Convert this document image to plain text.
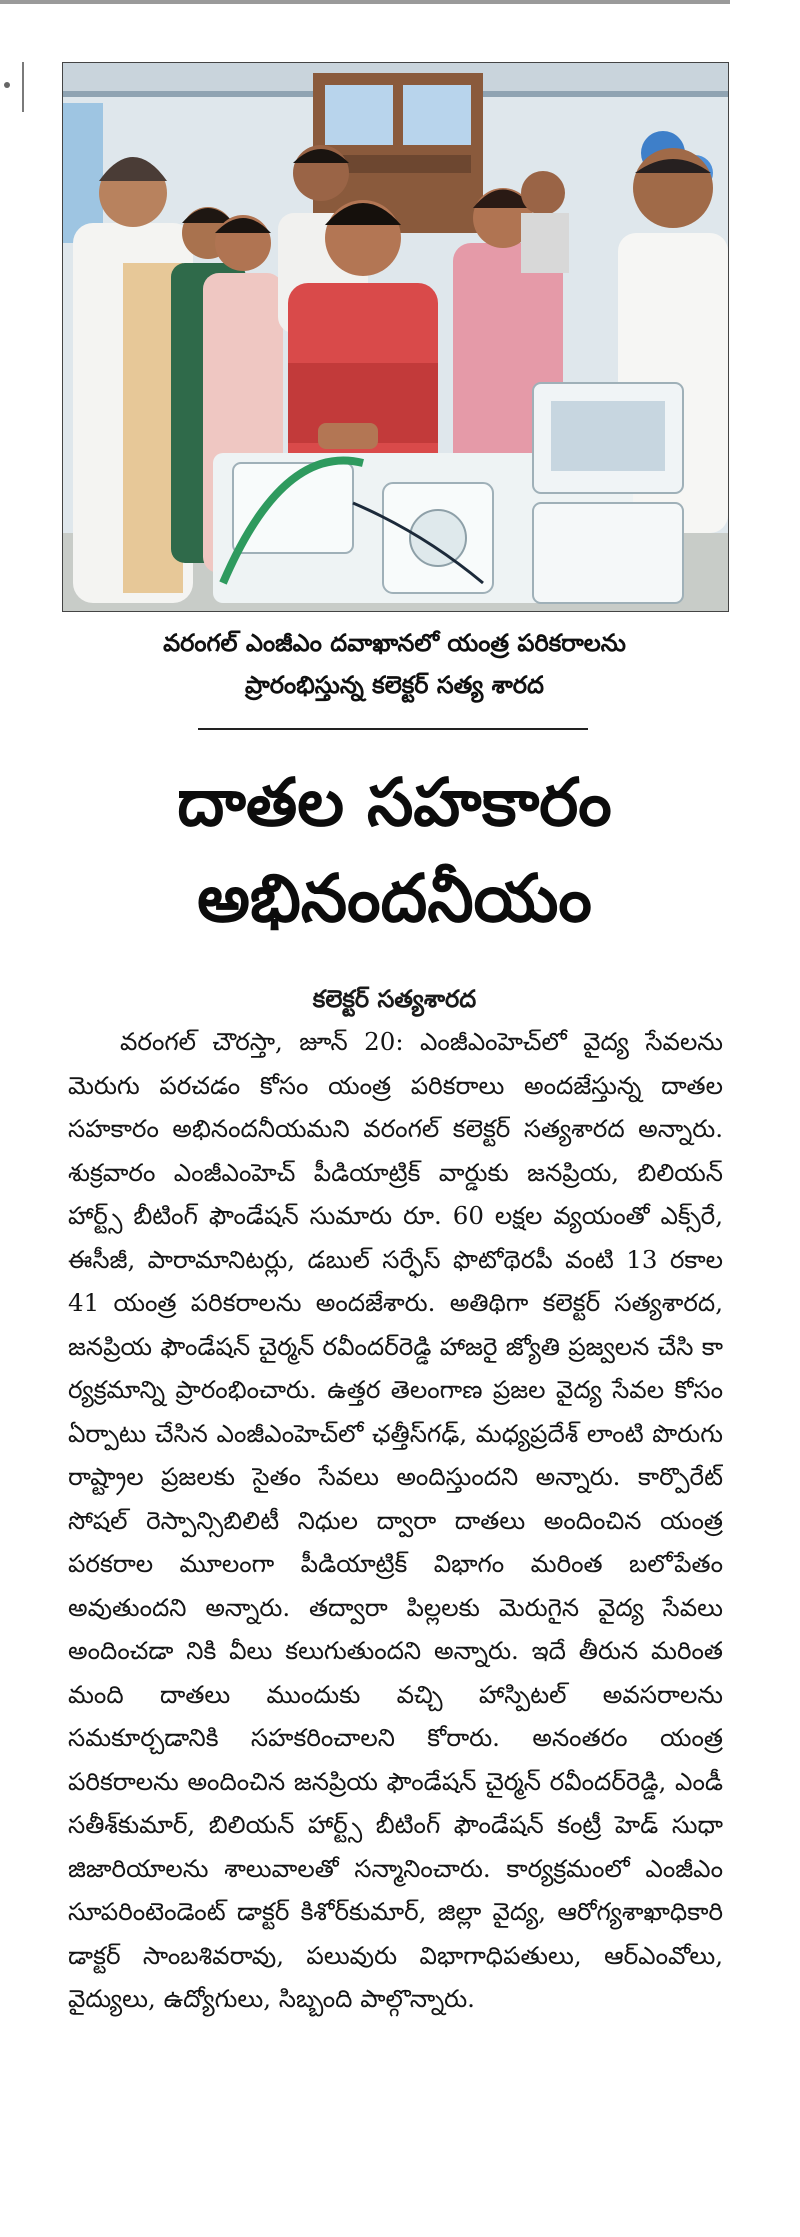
వరంగల్ ఎంజీఎం దవాఖానలో యంత్ర పరికరాలను
ప్రారంభిస్తున్న కలెక్టర్ సత్య శారద
దాతల సహకారం
అభినందనీయం
కలెక్టర్ సత్యశారద

వరంగల్ చౌరస్తా, జూన్ 20: ఎంజీఎంహెచ్‌లో వైద్య సేవలను మెరుగు పరచడం కోసం యంత్ర పరికరాలు అందజేస్తున్న దాతల సహకారం అభినందనీయమని వరంగల్ కలెక్టర్ సత్యశారద అన్నారు. శుక్రవారం ఎంజీఎంహెచ్ పీడియాట్రిక్ వార్డుకు జనప్రియ, బిలియన్ హార్ట్స్ బీటింగ్ ఫౌండేషన్ సుమారు రూ. 60 లక్షల వ్యయంతో ఎక్స్‌రే, ఈసీజీ, పారామానిటర్లు, డబుల్ సర్ఫేస్ ఫొటోథెరపీ వంటి 13 రకాల 41 యంత్ర పరికరాలను అందజేశారు. అతిథిగా కలెక్టర్ సత్యశారద, జనప్రియ ఫౌండేషన్ చైర్మన్ రవీందర్‌రెడ్డి హాజరై జ్యోతి ప్రజ్వలన చేసి కా ర్యక్రమాన్ని ప్రారంభించారు. ఉత్తర తెలంగాణ ప్రజల వైద్య సేవల కోసం ఏర్పాటు చేసిన ఎంజీఎంహెచ్‌లో ఛత్తీస్‌గఢ్, మధ్యప్రదేశ్ లాంటి పొరుగు రాష్ట్రాల ప్రజలకు సైతం సేవలు అందిస్తుందని అన్నారు. కార్పొరేట్ సోషల్ రెస్పాన్సిబిలిటీ నిధుల ద్వారా దాతలు అందించిన యంత్ర పరకరాల మూలంగా పీడియాట్రిక్ విభాగం మరింత బలోపేతం అవుతుందని అన్నారు. తద్వారా పిల్లలకు మెరుగైన వైద్య సేవలు అందించడా నికి వీలు కలుగుతుందని అన్నారు. ఇదే తీరున మరింత మంది దాతలు ముందుకు వచ్చి హాస్పిటల్ అవసరాలను సమకూర్చడానికి సహకరించాలని కోరారు. అనంతరం యంత్ర పరికరాలను అందించిన జనప్రియ ఫౌండేషన్ చైర్మన్ రవీందర్‌రెడ్డి, ఎండీ సతీశ్‌కుమార్, బిలియన్ హార్ట్స్ బీటింగ్ ఫౌండేషన్ కంట్రీ హెడ్ సుధా జిజారియాలను శాలువాలతో సన్మానించారు. కార్యక్రమంలో ఎంజీఎం సూపరింటెండెంట్ డాక్టర్ కిశోర్‌కుమార్, జిల్లా వైద్య, ఆరోగ్యశాఖాధికారి డాక్టర్ సాంబశివరావు, పలువురు విభాగాధిపతులు, ఆర్‌ఎంవోలు, వైద్యులు, ఉద్యోగులు, సిబ్బంది పాల్గొన్నారు.
